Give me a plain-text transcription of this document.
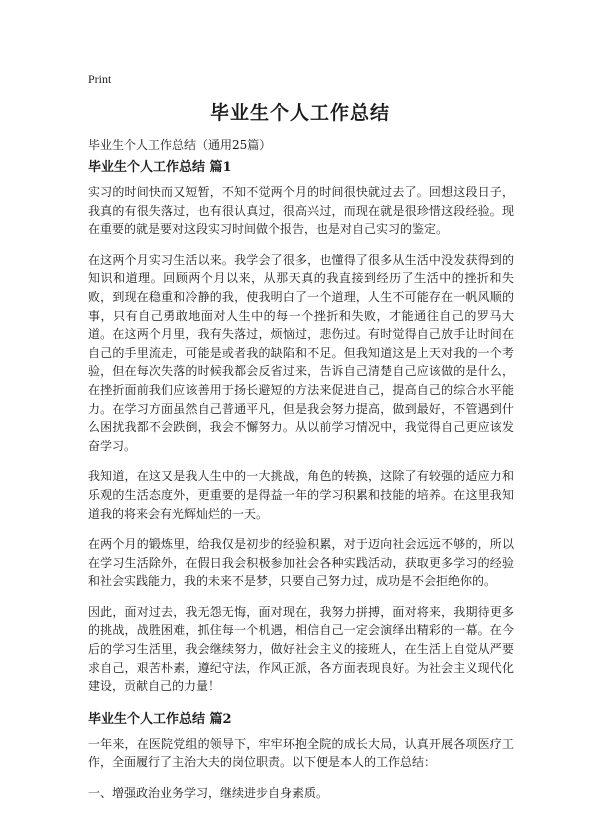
Print
毕业生个人工作总结

毕业生个人工作总结（通用25篇）

毕业生个人工作总结 篇1

实习的时间快而又短暂，不知不觉两个月的时间很快就过去了。回想这段日子，我真的有很失落过，也有很认真过，很高兴过，而现在就是很珍惜这段经验。现在重要的就是要对这段实习时间做个报告，也是对自己实习的鉴定。

在这两个月实习生活以来。我学会了很多，也懂得了很多从生活中没发获得到的知识和道理。回顾两个月以来，从那天真的我直接到经历了生活中的挫折和失败，到现在稳重和冷静的我，使我明白了一个道理，人生不可能存在一帆风顺的事，只有自己勇敢地面对人生中的每一个挫折和失败，才能通往自己的罗马大道。在这两个月里，我有失落过，烦恼过，悲伤过。有时觉得自己放手让时间在自己的手里流走，可能是或者我的缺陷和不足。但我知道这是上天对我的一个考验，但在每次失落的时候我都会反省过来，告诉自己清楚自己应该做的是什么，在挫折面前我们应该善用于扬长避短的方法来促进自己，提高自己的综合水平能力。在学习方面虽然自己普通平凡，但是我会努力提高，做到最好，不管遇到什么困扰我都不会跌倒，我会不懈努力。从以前学习情况中，我觉得自己更应该发奋学习。

我知道，在这又是我人生中的一大挑战，角色的转换，这除了有较强的适应力和乐观的生活态度外，更重要的是得益一年的学习积累和技能的培养。在这里我知道我的将来会有光辉灿烂的一天。

在两个月的锻炼里，给我仅是初步的经验积累，对于迈向社会远远不够的，所以在学习生活除外，在假日我会积极参加社会各种实践活动，获取更多学习的经验和社会实践能力，我的未来不是梦，只要自己努力过，成功是不会拒绝你的。

因此，面对过去，我无怨无悔，面对现在，我努力拼搏，面对将来，我期待更多的挑战，战胜困难，抓住每一个机遇，相信自己一定会演绎出精彩的一幕。在今后的学习生活里，我会继续努力，做好社会主义的接班人，在生活上自觉从严要求自己，艰苦朴素，遵纪守法，作风正派，各方面表现良好。为社会主义现代化建设，贡献自己的力量！

毕业生个人工作总结 篇2

一年来，在医院党组的领导下，牢牢环抱全院的成长大局，认真开展各项医疗工作，全面履行了主治大夫的岗位职责。以下便是本人的工作总结：

一、增强政治业务学习，继续进步自身素质。
